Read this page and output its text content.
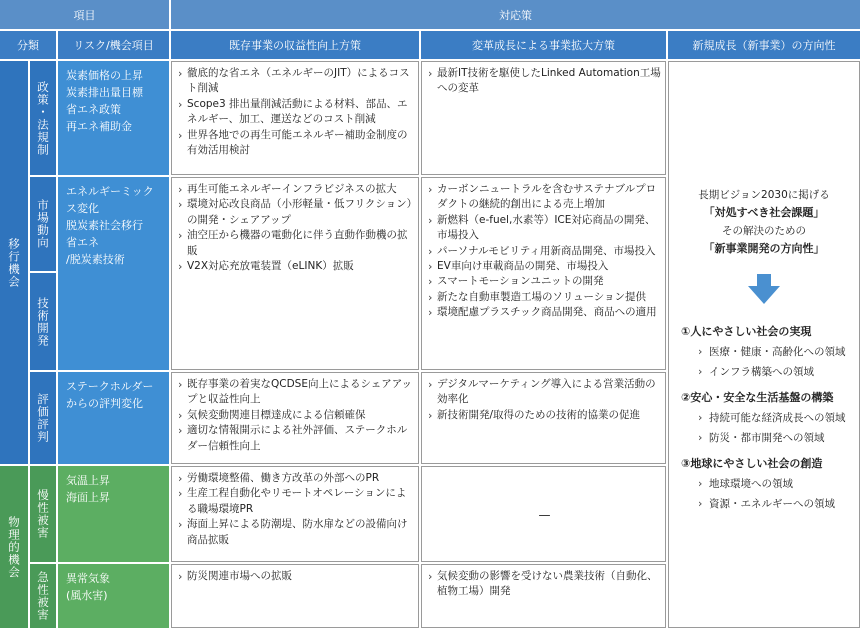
項目	対応策
分類	リスク/機会項目	既存事業の収益性向上方策	変革成長による事業拡大方策	新規成長（新事業）の方向性
移行機会
物理的機会
政策・法規制
炭素価格の上昇
炭素排出量目標
省エネ政策
再エネ補助金
› 徹底的な省エネ（エネルギーのJIT）によるコスト削減
› Scope3 排出量削減活動による材料、部品、エネルギー、加工、運送などのコスト削減
› 世界各地での再生可能エネルギー補助金制度の有効活用検討
› 最新IT技術を駆使したLinked Automation工場 への変革
市場動向
技術開発
エネルギーミックス変化
脱炭素社会移行
省エネ
/脱炭素技術
› 再生可能エネルギーインフラビジネスの拡大
› 環境対応改良商品（小形軽量・低フリクション）の開発・シェアアップ
› 油空圧から機器の電動化に伴う直動作動機の拡販
› V2X対応充放電装置（eLINK）拡販
› カーボンニュートラルを含むサステナブルプロダクトの継続的創出による売上増加
› 新燃料（e-fuel,水素等）ICE対応商品の開発、市場投入
› パーソナルモビリティ用新商品開発、市場投入
› EV車向け車載商品の開発、市場投入
› スマートモーションユニットの開発
› 新たな自動車製造工場のソリューション提供
› 環境配慮プラスチック商品開発、商品への適用
評価評判
ステークホルダー
からの評判変化
› 既存事業の着実なQCDSE向上によるシェアアップと収益性向上
› 気候変動関連目標達成による信頼確保
› 適切な情報開示による社外評価、ステークホルダー信頼性向上
› デジタルマーケティング導入による営業活動の効率化
› 新技術開発/取得のための技術的協業の促進
慢性被害
気温上昇
海面上昇
› 労働環境整備、働き方改革の外部へのPR
› 生産工程自動化やリモートオペレーションによる職場環境PR
› 海面上昇による防潮堤、防水扉などの設備向け商品拡販
—
急性被害	異常気象
(風水害)
› 防災関連市場への拡販
›	気候変動の影響を受けない農業技術（自動化、植物工場）開発
長期ビジョン2030に掲げる
「対処すべき社会課題」
その解決のための
「新事業開発の方向性」
①人にやさしい社会の実現
› 医療・健康・高齢化への領域
› インフラ構築への領域
②安心・安全な生活基盤の構築
› 持続可能な経済成長への領域
› 防災・都市開発への領域
③地球にやさしい社会の創造
› 地球環境への領域
› 資源・エネルギーへの領域
